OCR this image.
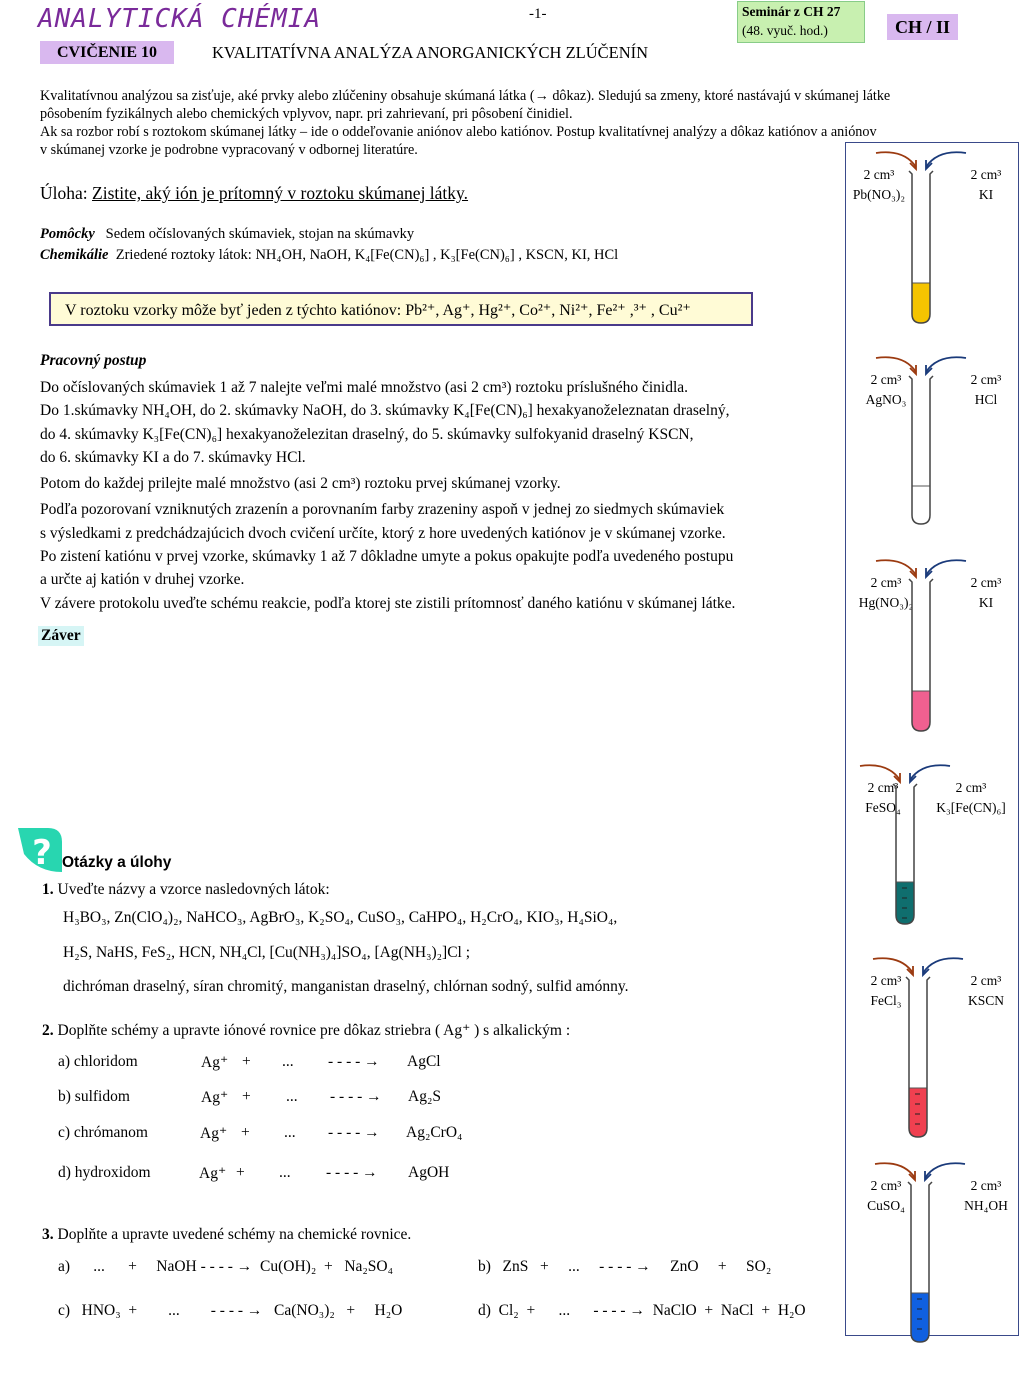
ANALYTICKÁ CHÉMIA	-1-	Seminár z CH 27
(48. vyuč. hod.)	CH / II
CVIČENIE 10	KVALITATÍVNA ANALÝZA ANORGANICKÝCH ZLÚČENÍN

Kvalitatívnou analýzou sa zisťuje, aké prvky alebo zlúčeniny obsahuje skúmaná látka (→ dôkaz). Sledujú sa zmeny, ktoré nastávajú v skúmanej látke

pôsobením fyzikálnych alebo chemických vplyvov, napr. pri zahrievaní, pri pôsobení činidiel.

Ak sa rozbor robí s roztokom skúmanej látky – ide o oddeľovanie aniónov alebo katiónov. Postup kvalitatívnej analýzy a dôkaz katiónov a aniónov

v skúmanej vzorke je podrobne vypracovaný v odbornej literatúre.

Úloha: Zistite, aký ión je prítomný v roztoku skúmanej látky.
Pomôcky Sedem očíslovaných skúmaviek, stojan na skúmavky
Chemikálie Zriedené roztoky látok: NH₄OH, NaOH, K₄[Fe(CN)₆] , K₃[Fe(CN)₆] , KSCN, KI, HCl
V roztoku vzorky môže byť jeden z týchto katiónov: Pb²⁺, Ag⁺, Hg²⁺, Co²⁺, Ni²⁺, Fe²⁺ ,³⁺ , Cu²⁺
Pracovný postup

Do očíslovaných skúmaviek 1 až 7 nalejte veľmi malé množstvo (asi 2 cm³) roztoku príslušného činidla.

Do 1.skúmavky NH₄OH, do 2. skúmavky NaOH, do 3. skúmavky K₄[Fe(CN)₆] hexakyanoželeznatan draselný,

do 4. skúmavky K₃[Fe(CN)₆] hexakyanoželezitan draselný, do 5. skúmavky sulfokyanid draselný KSCN,

do 6. skúmavky KI a do 7. skúmavky HCl.

Potom do každej prilejte malé množstvo (asi 2 cm³) roztoku prvej skúmanej vzorky.

Podľa pozorovaní vzniknutých zrazenín a porovnaním farby zrazeniny aspoň v jednej zo siedmych skúmaviek

s výsledkami z predchádzajúcich dvoch cvičení určíte, ktorý z hore uvedených katiónov je v skúmanej vzorke.

Po zistení katiónu v prvej vzorke, skúmavky 1 až 7 dôkladne umyte a pokus opakujte podľa uvedeného postupu

a určte aj katión v druhej vzorke.

V závere protokolu uveďte schému reakcie, podľa ktorej ste zistili prítomnosť daného katiónu v skúmanej látke.

Záver
? Otázky a úlohy
1. Uveďte názvy a vzorce nasledovných látok:
H₃BO₃, Zn(ClO₄)₂, NaHCO₃, AgBrO₃, K₂SO₄, CuSO₃, CaHPO₄, H₂CrO₄, KIO₃, H₄SiO₄,
H₂S, NaHS, FeS₂, HCN, NH₄Cl, [Cu(NH₃)₄]SO₄, [Ag(NH₃)₂]Cl ;
dichróman draselný, síran chromitý, manganistan draselný, chlórnan sodný, sulfid amónny.
2. Doplňte schémy a upravte iónové rovnice pre dôkaz striebra ( Ag⁺ ) s alkalickým :
a) chloridom	Ag⁺ + ... - - - - → AgCl
b) sulfidom	Ag⁺ + ... - - - - → Ag₂S
c) chrómanom	Ag⁺ + ... - - - - → Ag₂CrO₄
d) hydroxidom	Ag⁺ + ... - - - - → AgOH
3. Doplňte a upravte uvedené schémy na chemické rovnice.
a)      ...      +     NaOH - - - - →  Cu(OH)₂  +   Na₂SO₄	b)   ZnS   +     ...     - - - - →     ZnO     +     SO₂
c)   HNO₃  +        ...        - - - - →   Ca(NO₃)₂   +     H₂O	d)  Cl₂  +      ...      - - - - →  NaClO  +  NaCl  +  H₂O
2 cm³
Pb(NO₃)₂
2 cm³
KI
2 cm³
AgNO₃
2 cm³
HCl
2 cm³
Hg(NO₃)₂
2 cm³
KI
2 cm³
FeSO₄
2 cm³
K₃[Fe(CN)₆]
2 cm³
FeCl₃
2 cm³
KSCN
2 cm³
CuSO₄
2 cm³
NH₄OH
